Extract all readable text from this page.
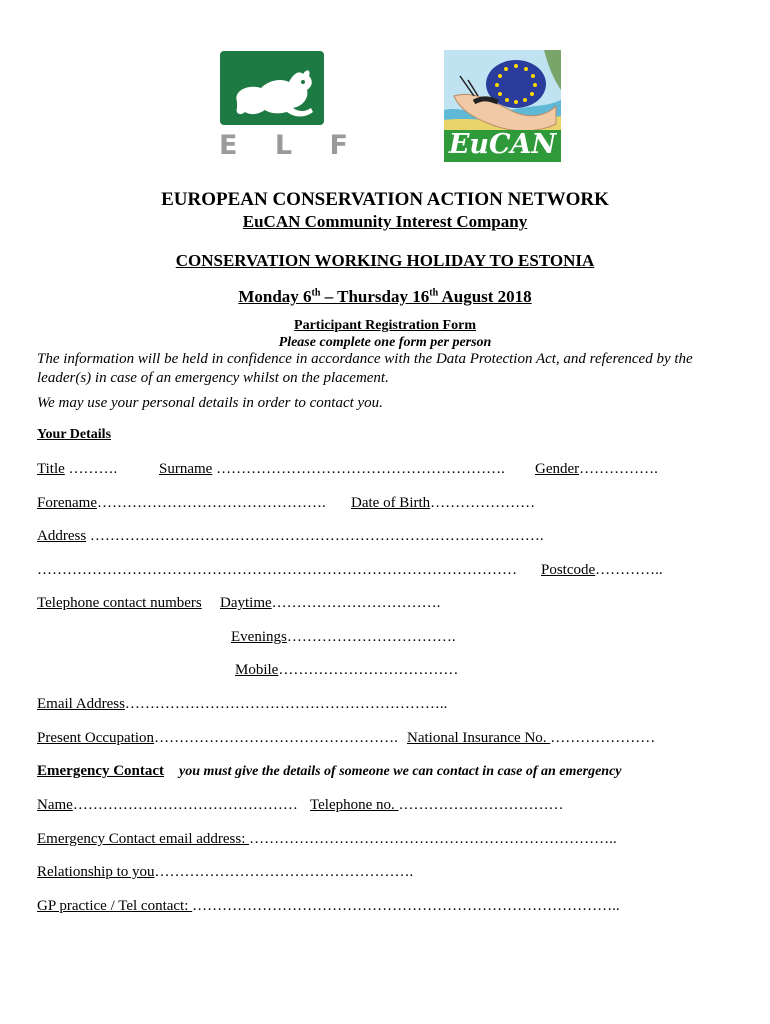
E L F	EuCAN
EUROPEAN CONSERVATION ACTION NETWORK
EuCAN Community Interest Company
CONSERVATION WORKING HOLIDAY TO ESTONIA
Monday 6th – Thursday 16th August 2018
Participant Registration Form
Please complete one form per person
The information will be held in confidence in accordance with the Data Protection Act, and referenced by the
leader(s) in case of an emergency whilst on the placement.
We may use your personal details in order to contact you.
Your Details
Title ……….	Surname …………………………………………………. Gender…………….
Forename………………………………………. Date of Birth…………………
Address ……………………………………………………………………………….
…………………………………………………………………………………… Postcode…………..
Telephone contact numbers Daytime…………………………….
Evenings…………………………….
Mobile………………………………
Email Address………………………………………………………..
Present Occupation…………………………………………. National Insurance No. …………………
Emergency Contact you must give the details of someone we can contact in case of an emergency
Name……………………………………… Telephone no. ……………………………
Emergency Contact email address: ………………………………………………………………..
Relationship to you…………………………………………….
GP practice / Tel contact: …………………………………………………………………………..
